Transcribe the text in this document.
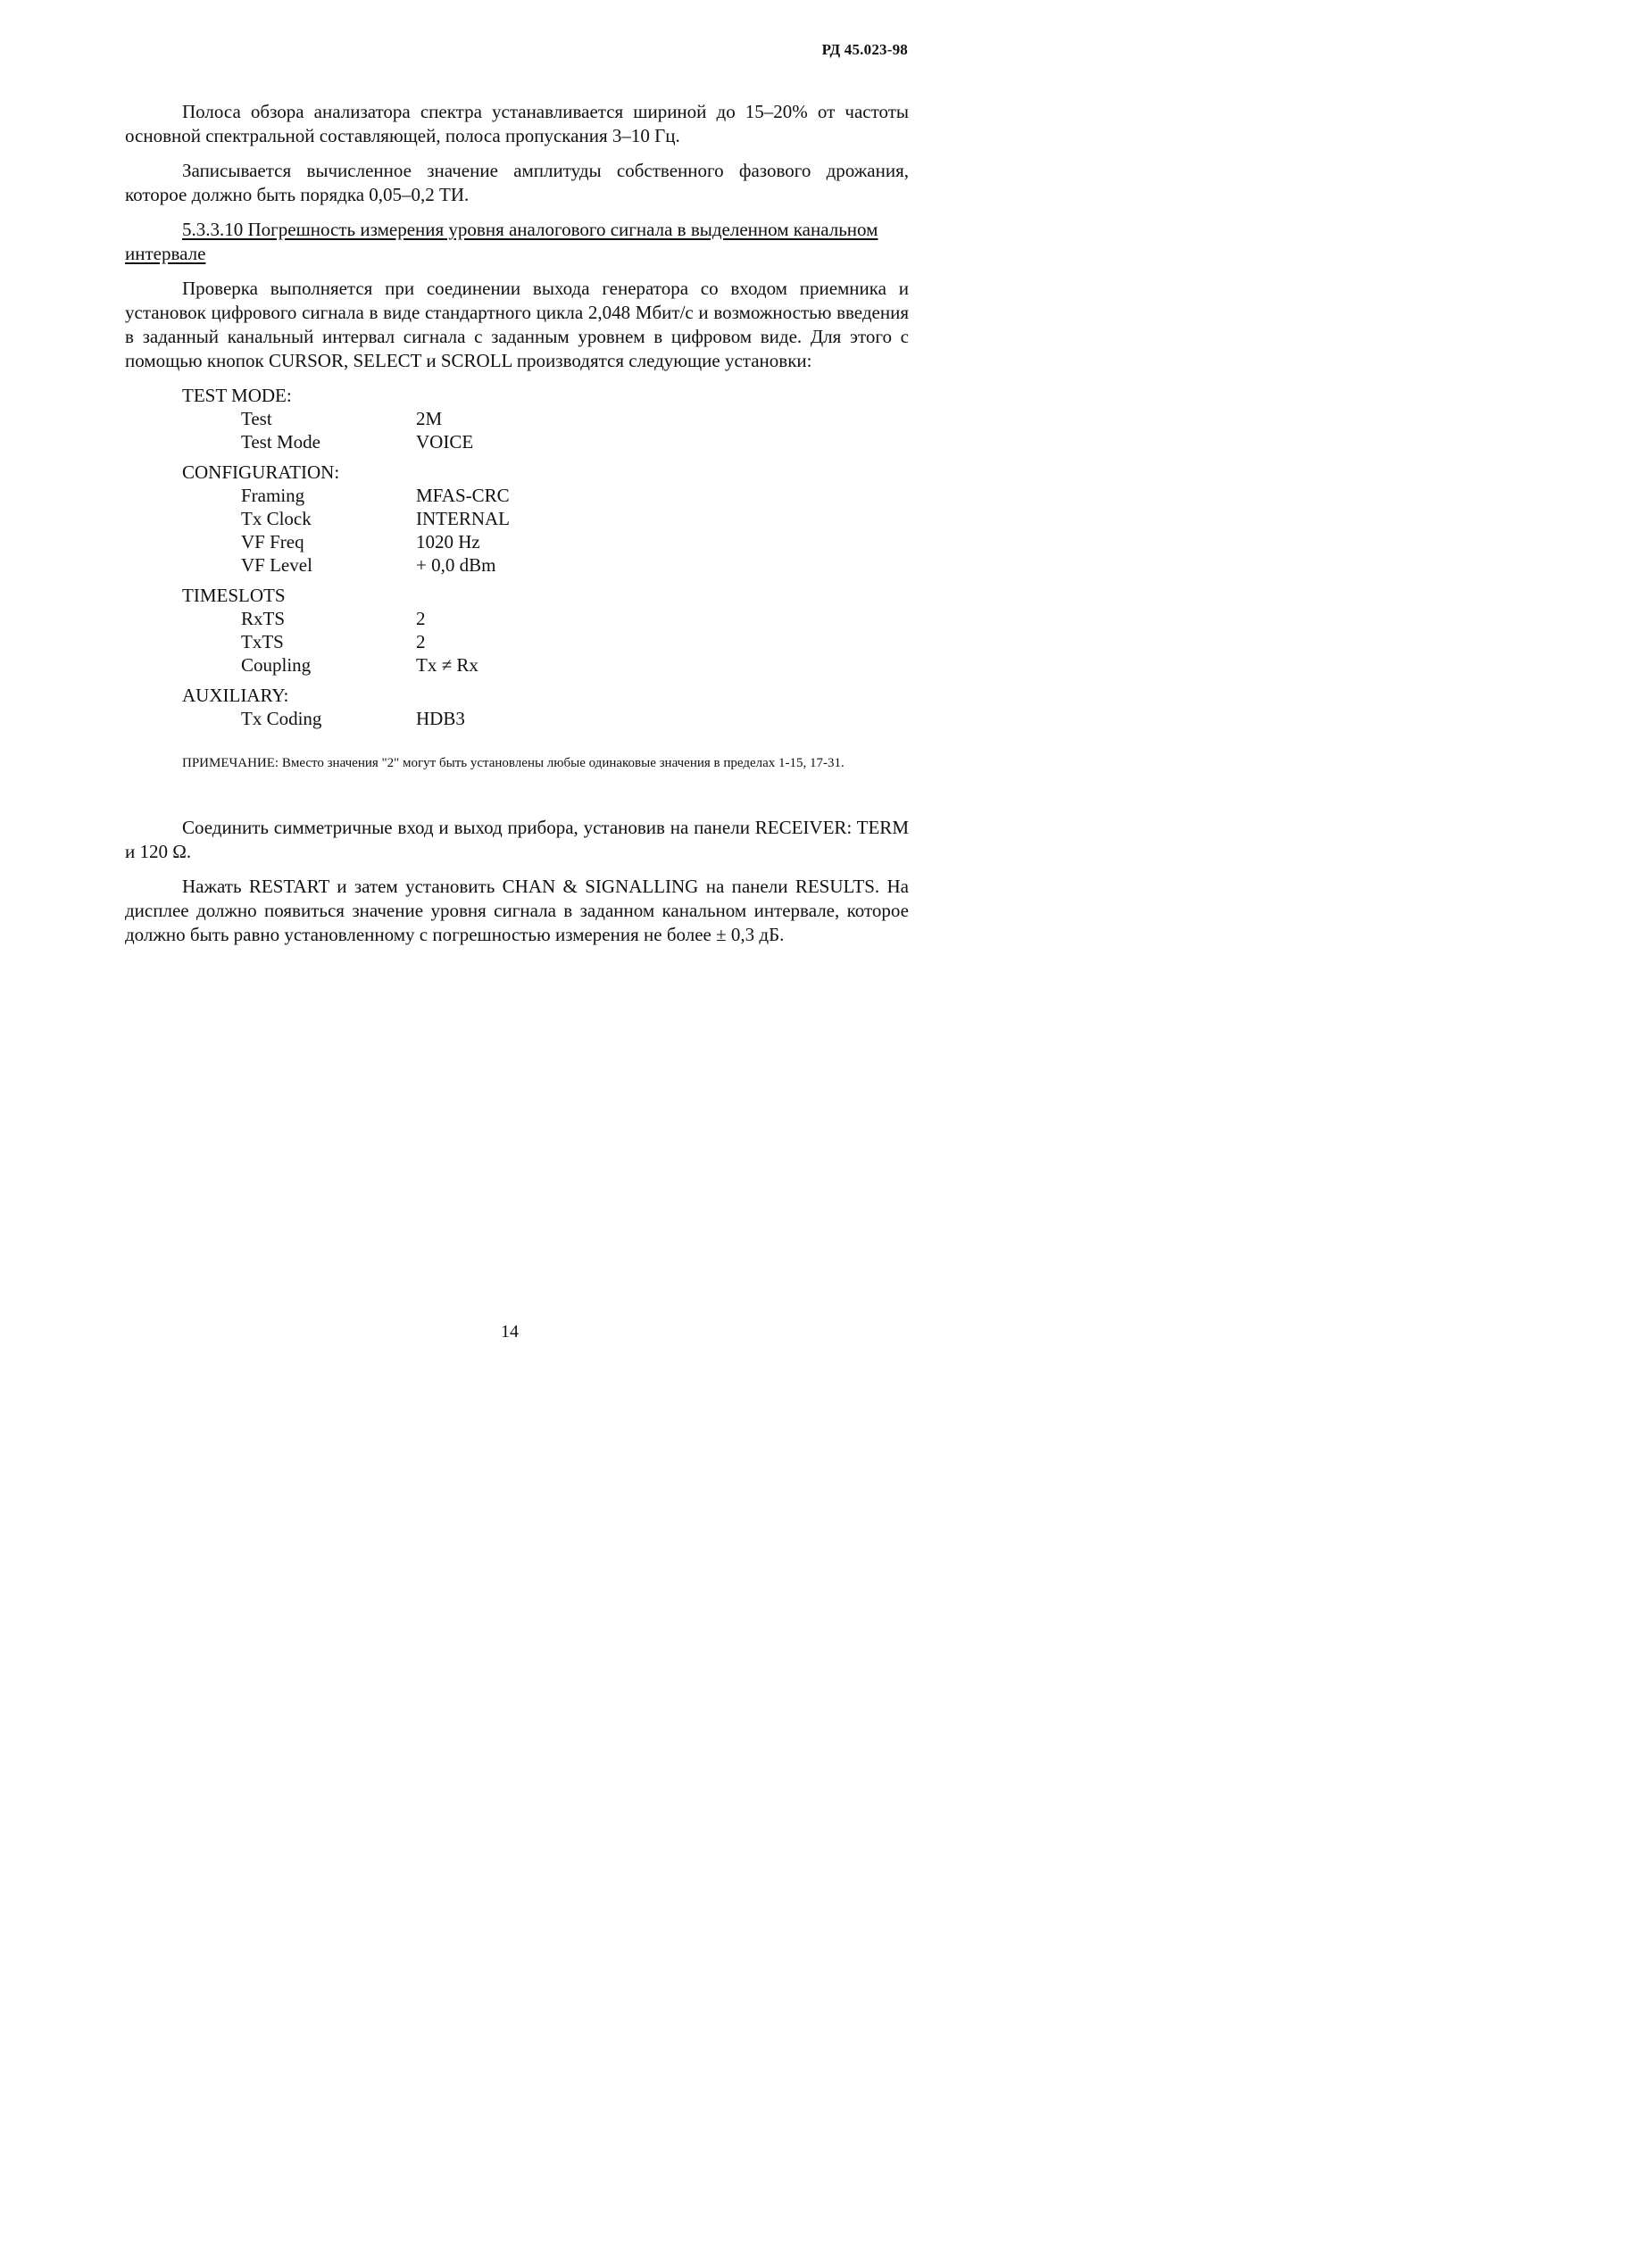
РД 45.023-98

Полоса обзора анализатора спектра устанавливается шириной до 15–20% от частоты основной спектральной составляющей, полоса пропускания 3–10 Гц.

Записывается вычисленное значение амплитуды собственного фазового дрожания, которое должно быть порядка 0,05–0,2 ТИ.

5.3.3.10 Погрешность измерения уровня аналогового сигнала в выделенном канальном интервале

Проверка выполняется при соединении выхода генератора со входом приемника и установок цифрового сигнала в виде стандартного цикла 2,048 Мбит/с и возможностью введения в заданный канальный интервал сигнала с заданным уровнем в цифровом виде. Для этого с помощью кнопок CURSOR, SELECT и SCROLL производятся следующие установки:

TEST MODE:
Test	2M
Test Mode	VOICE
CONFIGURATION:
Framing	MFAS-CRC
Tx Clock	INTERNAL
VF Freq	1020 Hz
VF Level	+ 0,0 dBm
TIMESLOTS
RxTS	2
TxTS	2
Coupling	Tx ≠ Rx
AUXILIARY:
Tx Coding	HDB3

ПРИМЕЧАНИЕ: Вместо значения "2" могут быть установлены любые одинаковые значения в пределах 1-15, 17-31.

Соединить симметричные вход и выход прибора, установив на панели RECEIVER: TERM и 120 Ω.

Нажать RESTART и затем установить CHAN & SIGNALLING на панели RESULTS. На дисплее должно появиться значение уровня сигнала в заданном канальном интервале, которое должно быть равно установленному с погрешностью измерения не более ± 0,3 дБ.

14
